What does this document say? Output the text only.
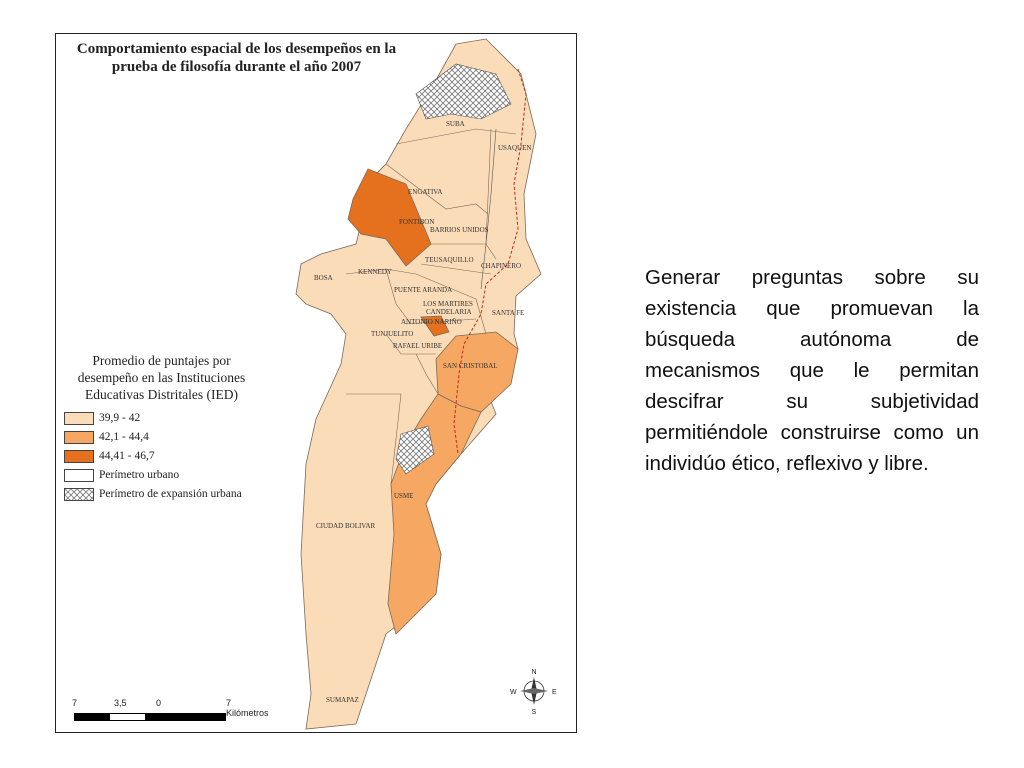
SUBA
USAQUEN
ENGATIVA
FONTIBON
BARRIOS UNIDOS
TEUSAQUILLO
CHAPINERO
BOSA
KENNEDY
PUENTE ARANDA
LOS MARTIRES
CANDELARIA	SANTA FE
ANTONIO NARIÑO
TUNJUELITO
RAFAEL URIBE
SAN CRISTOBAL
USME
CIUDAD BOLIVAR
SUMAPAZ
N
S
E
W
Comportamiento espacial de los desempeños en la prueba de filosofía durante el año 2007

Promedio de puntajes por desempeño en las Instituciones Educativas Distritales (IED)

39,9 - 42
42,1 - 44,4
44,41 - 46,7
Perímetro urbano
Perímetro de expansión urbana
7	3,5	0	7 Kilómetros

Generar preguntas sobre su existencia que promuevan la búsqueda autónoma de mecanismos que le permitan descifrar su subjetividad permitiéndole construirse como un individúo ético, reflexivo y libre.
